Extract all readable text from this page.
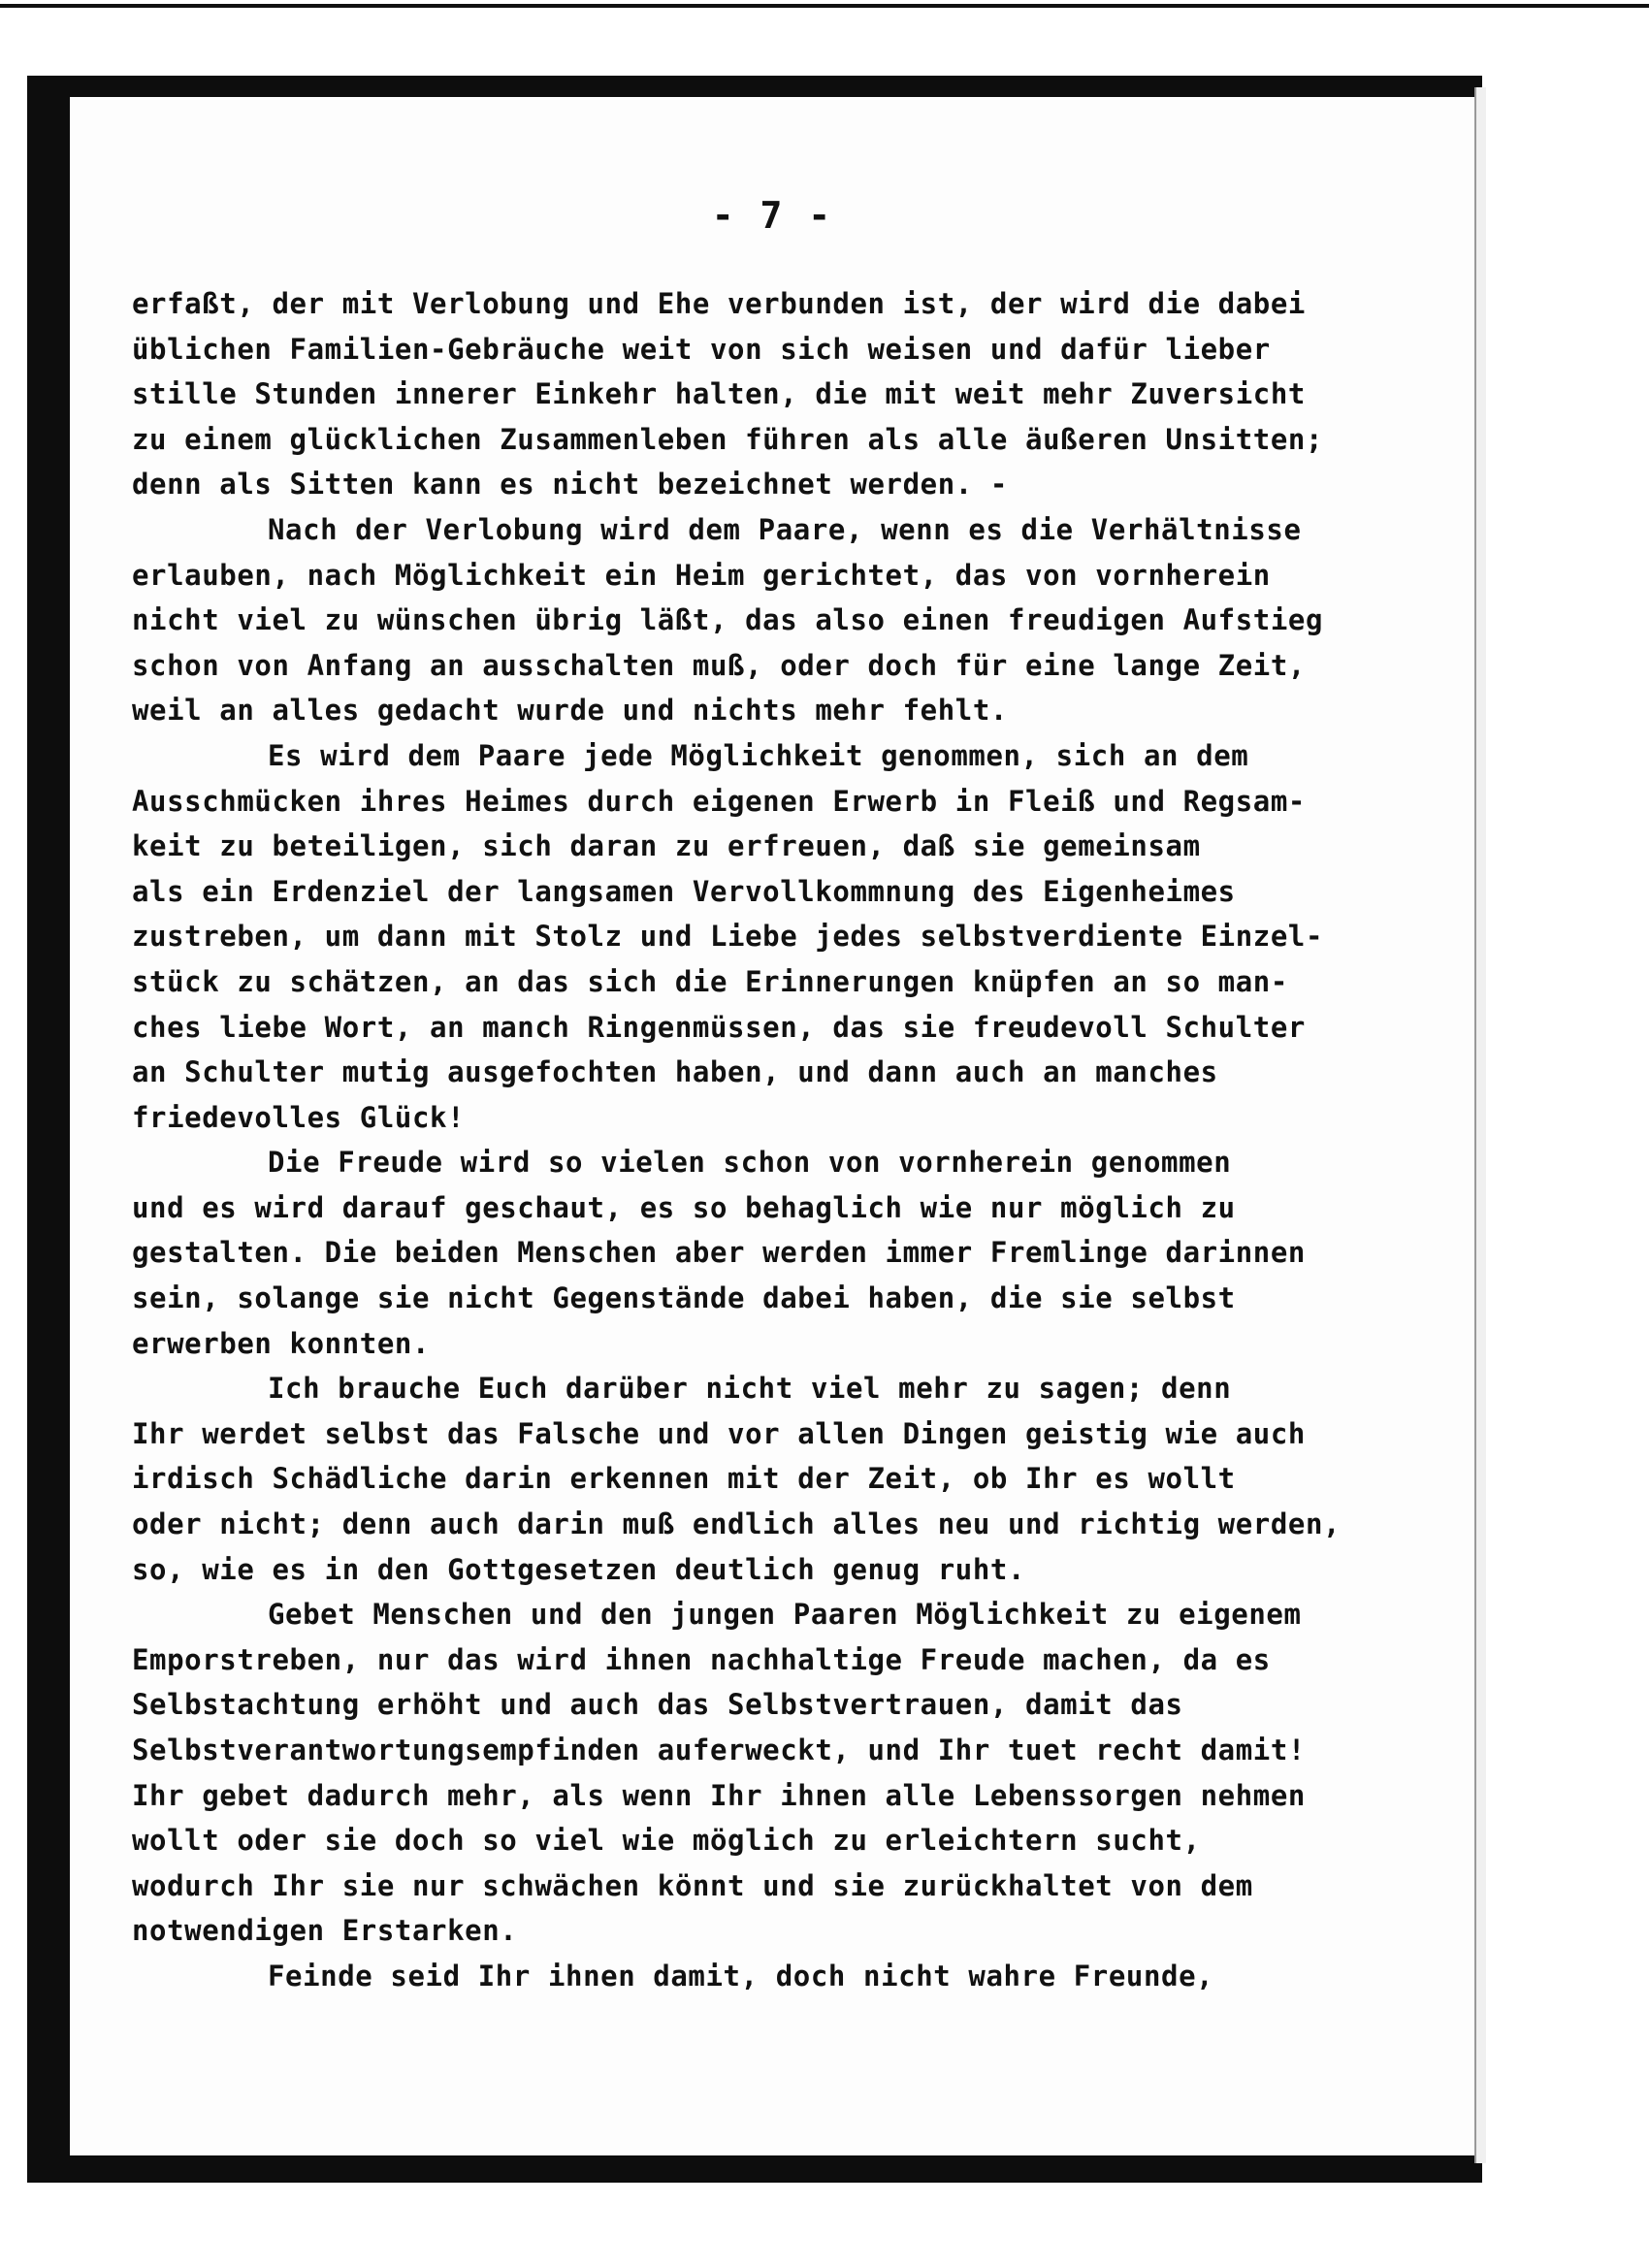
- 7 -
erfaßt, der mit Verlobung und Ehe verbunden ist, der wird die dabei
üblichen Familien-Gebräuche weit von sich weisen und dafür lieber
stille Stunden innerer Einkehr halten, die mit weit mehr Zuversicht
zu einem glücklichen Zusammenleben führen als alle äußeren Unsitten;
denn als Sitten kann es nicht bezeichnet werden. -
Nach der Verlobung wird dem Paare, wenn es die Verhältnisse
erlauben, nach Möglichkeit ein Heim gerichtet, das von vornherein
nicht viel zu wünschen übrig läßt, das also einen freudigen Aufstieg
schon von Anfang an ausschalten muß, oder doch für eine lange Zeit,
weil an alles gedacht wurde und nichts mehr fehlt.
Es wird dem Paare jede Möglichkeit genommen, sich an dem
Ausschmücken ihres Heimes durch eigenen Erwerb in Fleiß und Regsam-
keit zu beteiligen, sich daran zu erfreuen, daß sie gemeinsam
als ein Erdenziel der langsamen Vervollkommnung des Eigenheimes
zustreben, um dann mit Stolz und Liebe jedes selbstverdiente Einzel-
stück zu schätzen, an das sich die Erinnerungen knüpfen an so man-
ches liebe Wort, an manch Ringenmüssen, das sie freudevoll Schulter
an Schulter mutig ausgefochten haben, und dann auch an manches
friedevolles Glück!
Die Freude wird so vielen schon von vornherein genommen
und es wird darauf geschaut, es so behaglich wie nur möglich zu
gestalten. Die beiden Menschen aber werden immer Fremlinge darinnen
sein, solange sie nicht Gegenstände dabei haben, die sie selbst
erwerben konnten.
Ich brauche Euch darüber nicht viel mehr zu sagen; denn
Ihr werdet selbst das Falsche und vor allen Dingen geistig wie auch
irdisch Schädliche darin erkennen mit der Zeit, ob Ihr es wollt
oder nicht; denn auch darin muß endlich alles neu und richtig werden,
so, wie es in den Gottgesetzen deutlich genug ruht.
Gebet Menschen und den jungen Paaren Möglichkeit zu eigenem
Emporstreben, nur das wird ihnen nachhaltige Freude machen, da es
Selbstachtung erhöht und auch das Selbstvertrauen, damit das
Selbstverantwortungsempfinden auferweckt, und Ihr tuet recht damit!
Ihr gebet dadurch mehr, als wenn Ihr ihnen alle Lebenssorgen nehmen
wollt oder sie doch so viel wie möglich zu erleichtern sucht,
wodurch Ihr sie nur schwächen könnt und sie zurückhaltet von dem
notwendigen Erstarken.
Feinde seid Ihr ihnen damit, doch nicht wahre Freunde,
